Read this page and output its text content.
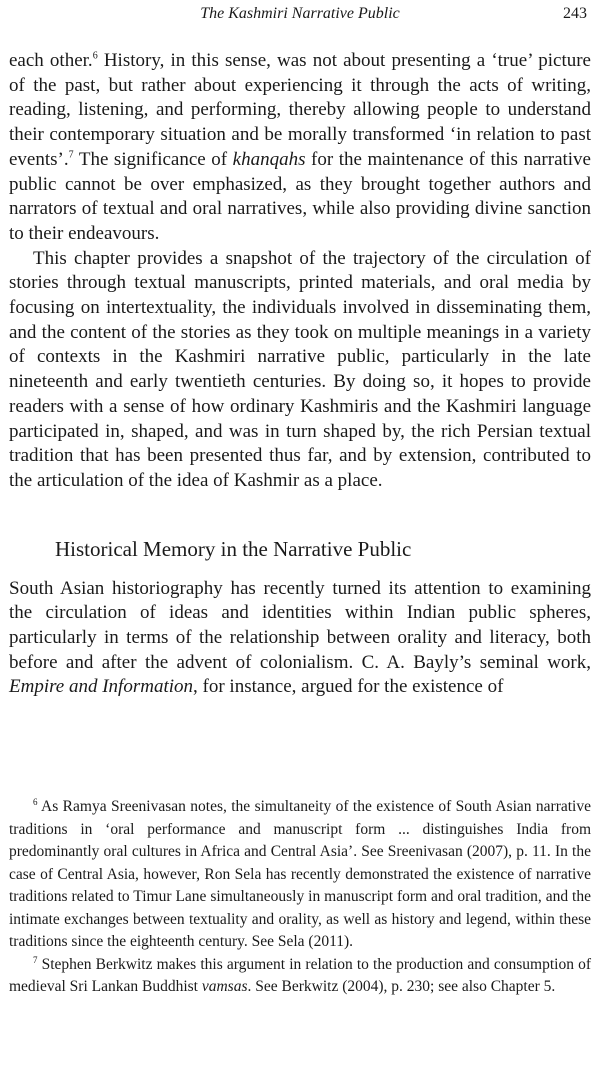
The Kashmiri Narrative Public	243

each other.$^6$ History, in this sense, was not about presenting a ‘true’ picture of the past, but rather about experiencing it through the acts of writing, reading, listening, and performing, thereby allowing people to understand their contemporary situation and be morally transformed ‘in relation to past events’.$^7$ The significance of khanqahs for the maintenance of this narrative public cannot be over emphasized, as they brought together authors and narrators of textual and oral narratives, while also providing divine sanction to their endeavours.

This chapter provides a snapshot of the trajectory of the circulation of stories through textual manuscripts, printed materials, and oral media by focusing on intertextuality, the individuals involved in disseminating them, and the content of the stories as they took on multiple meanings in a variety of contexts in the Kashmiri narrative public, particularly in the late nineteenth and early twentieth centuries. By doing so, it hopes to provide readers with a sense of how ordinary Kashmiris and the Kashmiri language participated in, shaped, and was in turn shaped by, the rich Persian textual tradition that has been presented thus far, and by extension, contributed to the articulation of the idea of Kashmir as a place.

Historical Memory in the Narrative Public

South Asian historiography has recently turned its attention to examining the circulation of ideas and identities within Indian public spheres, particularly in terms of the relationship between orality and literacy, both before and after the advent of colonialism. C. A. Bayly’s seminal work, Empire and Information, for instance, argued for the existence of

$^6$ As Ramya Sreenivasan notes, the simultaneity of the existence of South Asian narrative traditions in ‘oral performance and manuscript form ... distinguishes India from predominantly oral cultures in Africa and Central Asia’. See Sreenivasan (2007), p. 11. In the case of Central Asia, however, Ron Sela has recently demonstrated the existence of narrative traditions related to Timur Lane simultaneously in manuscript form and oral tradition, and the intimate exchanges between textuality and orality, as well as history and legend, within these traditions since the eighteenth century. See Sela (2011).

$^7$ Stephen Berkwitz makes this argument in relation to the production and consumption of medieval Sri Lankan Buddhist vamsas. See Berkwitz (2004), p. 230; see also Chapter 5.
